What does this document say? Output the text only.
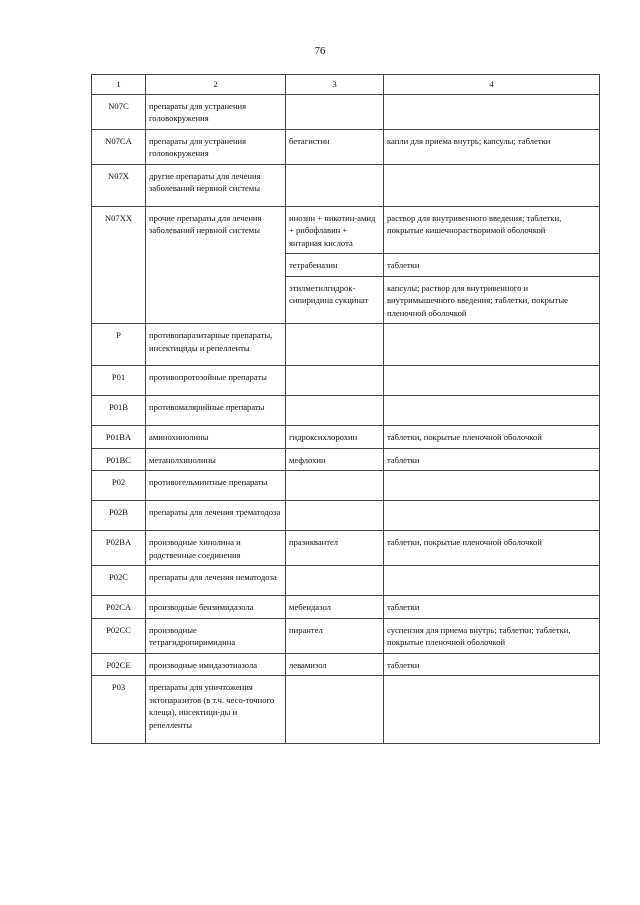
76
1	2	3	4
N07C	препараты для устранения головокружения		
N07CA	препараты для устранения головокружения	бетагистин	капли для приема внутрь; капсулы; таблетки
N07X	другие препараты для лечения заболеваний нервной системы		
N07XX	прочие препараты для лечения заболеваний нервной системы	инозин + никотин-амид + рибофлавин + янтарная кислота	раствор для внутривенного введения; таблетки, покрытые кишечнорастворимой оболочкой
		тетрабеназин	таблетки
		этилметилгидрок-сипиридина сукцинат	капсулы; раствор для внутривенного и внутримышечного введения; таблетки, покрытые пленочной оболочкой
P	противопаразитарные препараты, инсектициды и репелленты		
P01	противопротозойные препараты		
P01B	противомалярийные препараты		
P01BA	аминохинолины	гидроксихлорохин	таблетки, покрытые пленочной оболочкой
P01BC	метанолхинолины	мефлохин	таблетки
P02	противогельминтные препараты		
P02B	препараты для лечения трематодоза		
P02BA	производные хинолина и родственные соединения	празиквантел	таблетки, покрытые пленочной оболочкой
P02C	препараты для лечения нематодоза		
P02CA	производные бензимидазола	мебендазол	таблетки
P02CC	производные тетрагидропиримидина	пирантел	суспензия для приема внутрь; таблетки; таблетки, покрытые пленочной оболочкой
P02CE	производные имидазотиазола	левамизол	таблетки
P03	препараты для уничтожения эктопаразитов (в т.ч. чесо-точного клеща), инсектици-ды и репелленты		
